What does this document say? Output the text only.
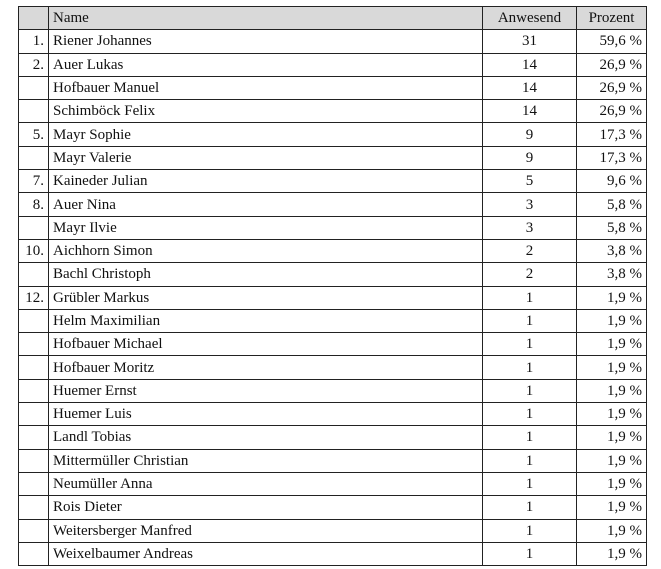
	Name	Anwesend	Prozent
1.	Riener Johannes	31	59,6 %
2.	Auer Lukas	14	26,9 %
	Hofbauer Manuel	14	26,9 %
	Schimböck Felix	14	26,9 %
5.	Mayr Sophie	9	17,3 %
	Mayr Valerie	9	17,3 %
7.	Kaineder Julian	5	9,6 %
8.	Auer Nina	3	5,8 %
	Mayr Ilvie	3	5,8 %
10.	Aichhorn Simon	2	3,8 %
	Bachl Christoph	2	3,8 %
12.	Grübler Markus	1	1,9 %
	Helm Maximilian	1	1,9 %
	Hofbauer Michael	1	1,9 %
	Hofbauer Moritz	1	1,9 %
	Huemer Ernst	1	1,9 %
	Huemer Luis	1	1,9 %
	Landl Tobias	1	1,9 %
	Mittermüller Christian	1	1,9 %
	Neumüller Anna	1	1,9 %
	Rois Dieter	1	1,9 %
	Weitersberger Manfred	1	1,9 %
	Weixelbaumer Andreas	1	1,9 %
